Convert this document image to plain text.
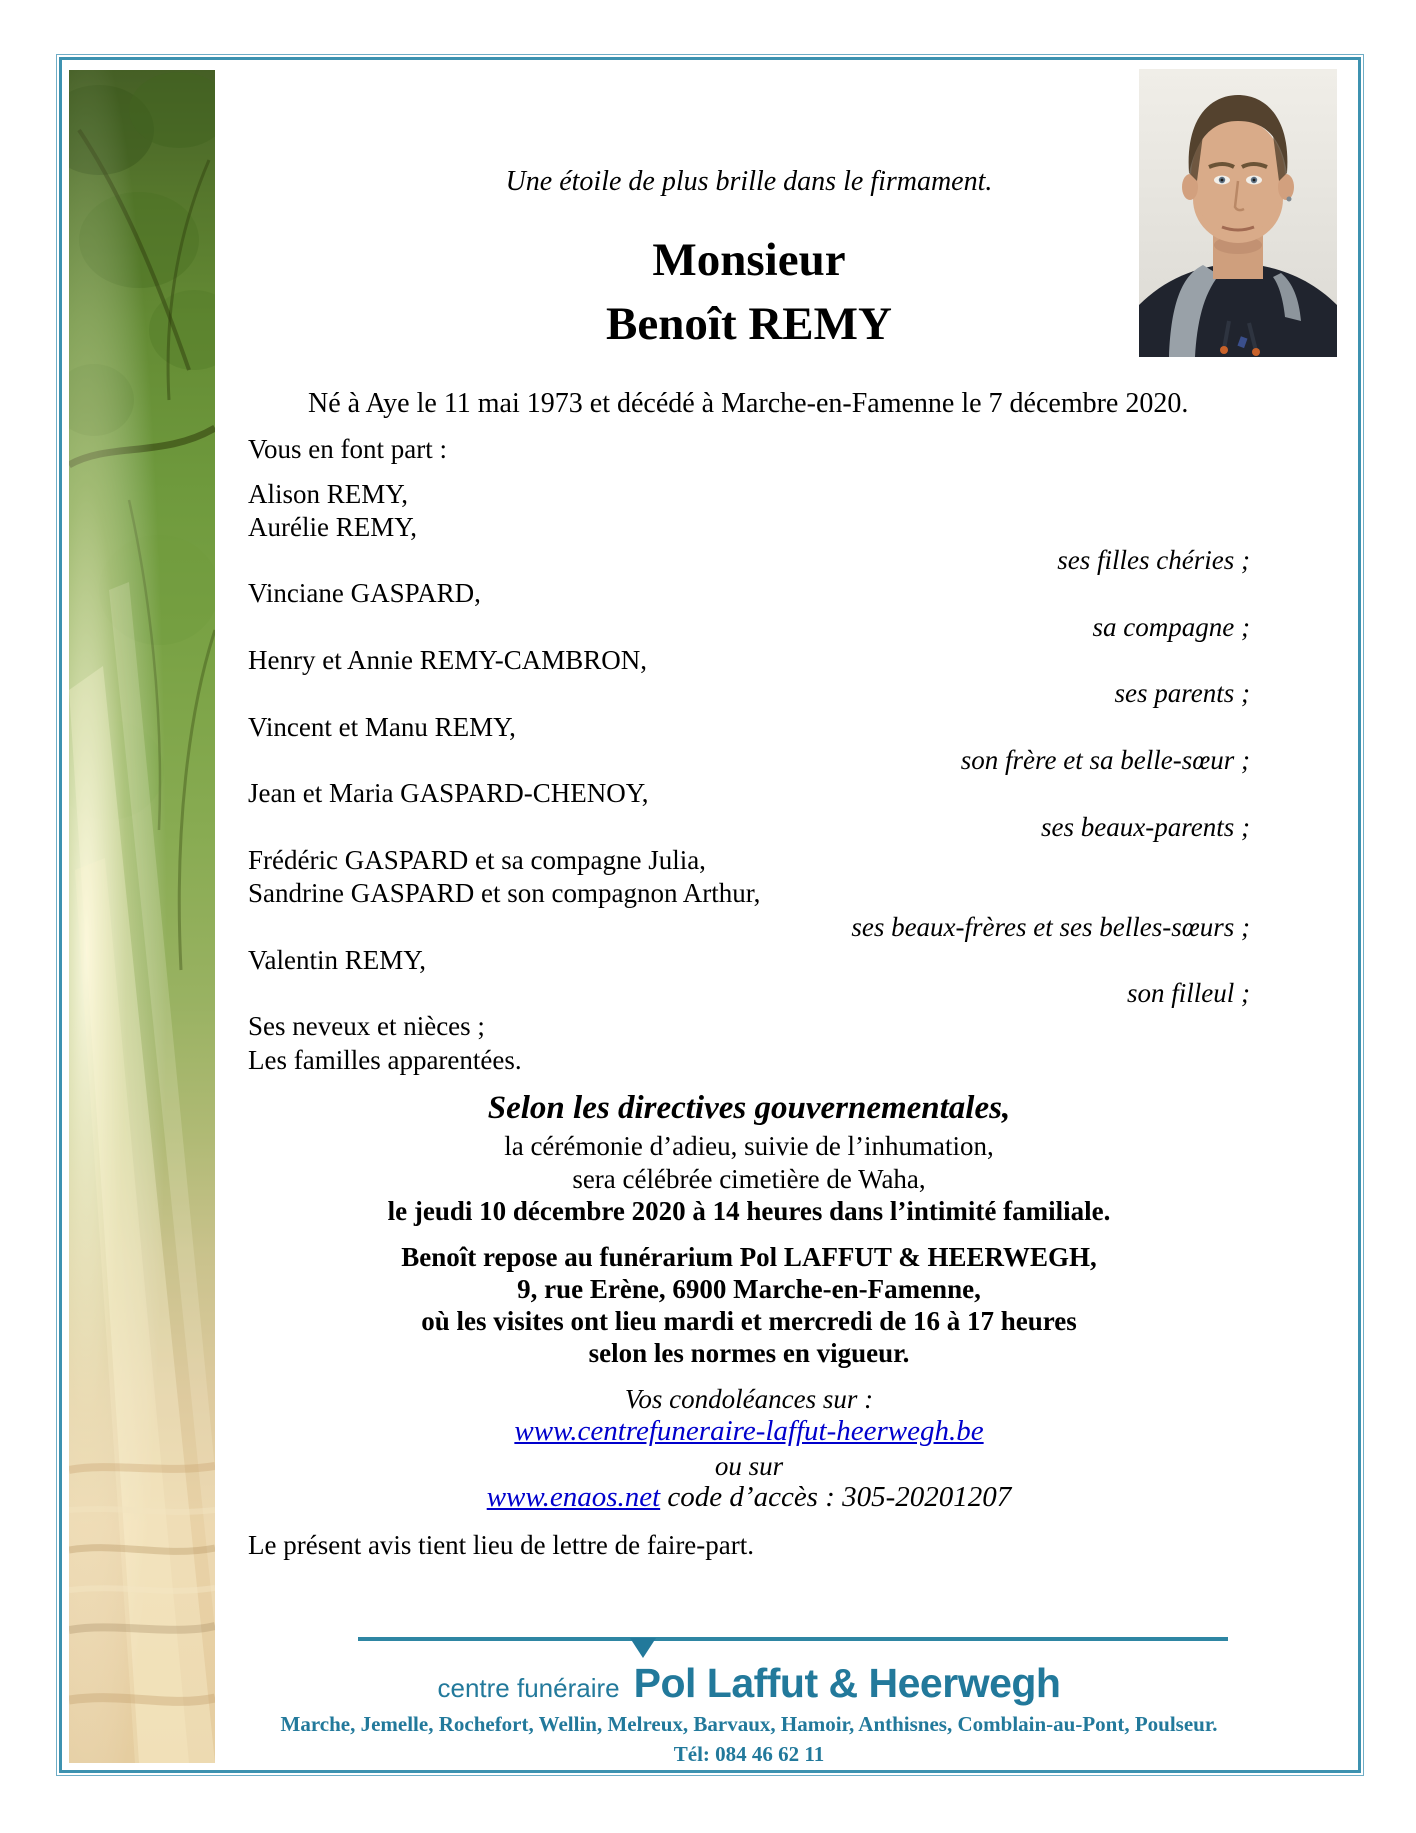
Une étoile de plus brille dans le firmament.
Monsieur
Benoît REMY
Né à Aye le 11 mai 1973 et décédé à Marche-en-Famenne le 7 décembre 2020.
Vous en font part :
Alison REMY,
Aurélie REMY,
ses filles chéries ;
Vinciane GASPARD,
sa compagne ;
Henry et Annie REMY-CAMBRON,
ses parents ;
Vincent et Manu REMY,
son frère et sa belle-sœur ;
Jean et Maria GASPARD-CHENOY,
ses beaux-parents ;
Frédéric GASPARD et sa compagne Julia,
Sandrine GASPARD et son compagnon Arthur,
ses beaux-frères et ses belles-sœurs ;
Valentin REMY,
son filleul ;
Ses neveux et nièces ;
Les familles apparentées.
Selon les directives gouvernementales,
la cérémonie d’adieu, suivie de l’inhumation,
sera célébrée cimetière de Waha,
le jeudi 10 décembre 2020 à 14 heures dans l’intimité familiale.
Benoît repose au funérarium Pol LAFFUT & HEERWEGH,
9, rue Erène, 6900 Marche-en-Famenne,
où les visites ont lieu mardi et mercredi de 16 à 17 heures
selon les normes en vigueur.
Vos condoléances sur :
www.centrefuneraire-laffut-heerwegh.be
ou sur
www.enaos.net code d’accès : 305-20201207
Le présent avis tient lieu de lettre de faire-part.
centre funéraire Pol Laffut & Heerwegh
Marche, Jemelle, Rochefort, Wellin, Melreux, Barvaux, Hamoir, Anthisnes, Comblain-au-Pont, Poulseur.
Tél: 084 46 62 11
